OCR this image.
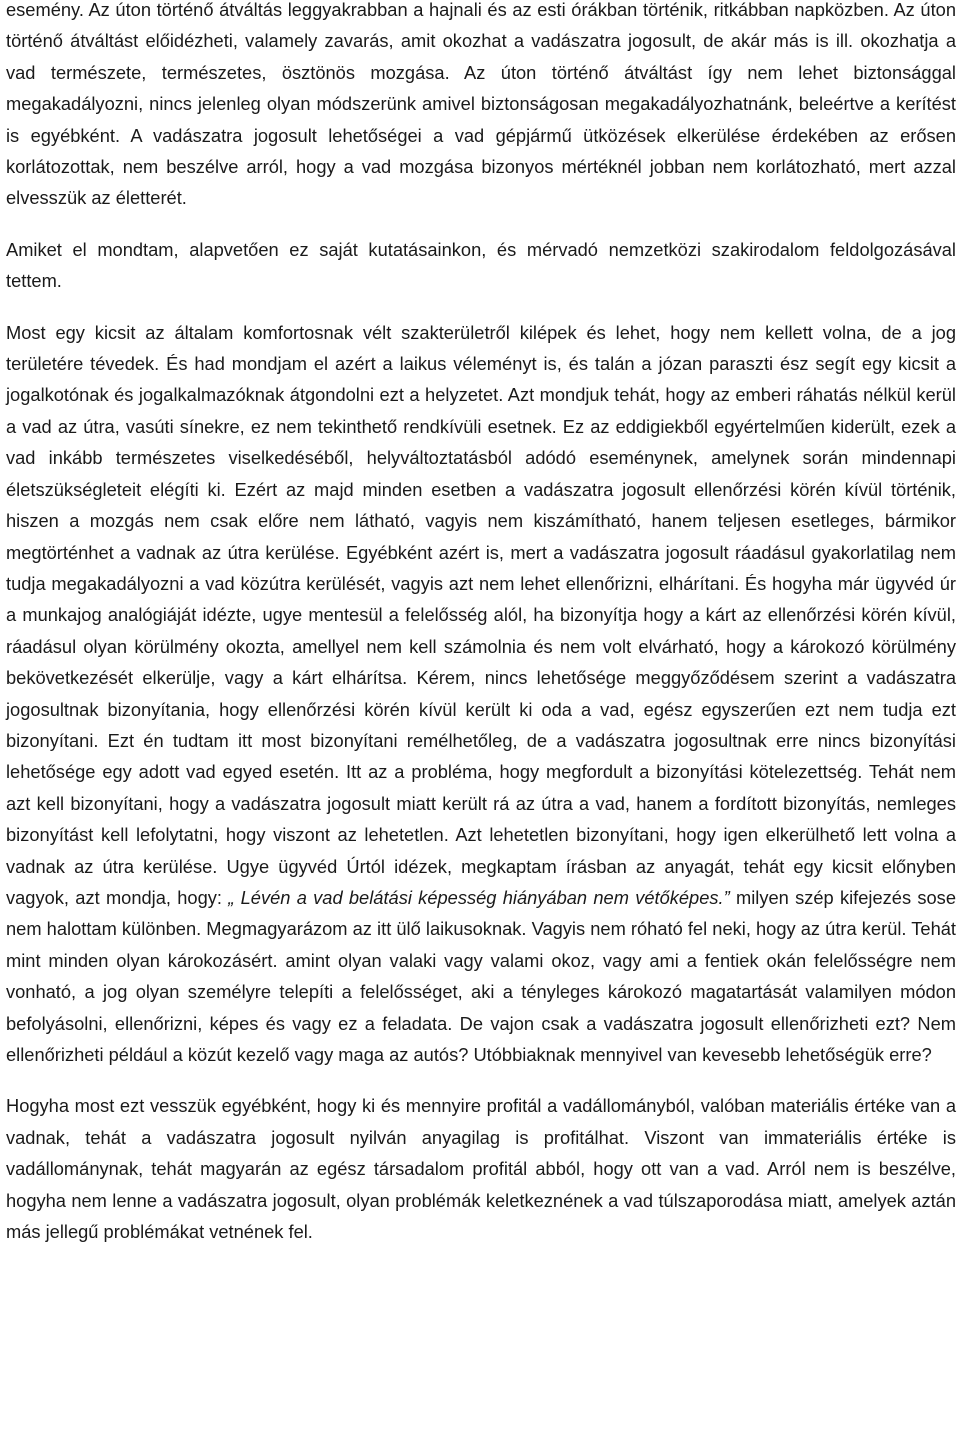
esemény. Az úton történő átváltás leggyakrabban a hajnali és az esti órákban történik, ritkábban napközben. Az úton történő átváltást előidézheti, valamely zavarás, amit okozhat a vadászatra jogosult, de akár más is ill. okozhatja a vad természete, természetes, ösztönös mozgása. Az úton történő átváltást így nem lehet biztonsággal megakadályozni, nincs jelenleg olyan módszerünk amivel biztonságosan megakadályozhatnánk, beleértve a kerítést is egyébként. A vadászatra jogosult lehetőségei a vad gépjármű ütközések elkerülése érdekében az erősen korlátozottak, nem beszélve arról, hogy a vad mozgása bizonyos mértéknél jobban nem korlátozható, mert azzal elvesszük az életterét.

Amiket el mondtam, alapvetően ez saját kutatásainkon, és mérvadó nemzetközi szakirodalom feldolgozásával tettem.

Most egy kicsit az általam komfortosnak vélt szakterületről kilépek és lehet, hogy nem kellett volna, de a jog területére tévedek. És had mondjam el azért a laikus véleményt is, és talán a józan paraszti ész segít egy kicsit a jogalkotónak és jogalkalmazóknak átgondolni ezt a helyzetet. Azt mondjuk tehát, hogy az emberi ráhatás nélkül kerül a vad az útra, vasúti sínekre, ez nem tekinthető rendkívüli esetnek. Ez az eddigiekből egyértelműen kiderült, ezek a vad inkább természetes viselkedéséből, helyváltoztatásból adódó eseménynek, amelynek során mindennapi életszükségleteit elégíti ki. Ezért az majd minden esetben a vadászatra jogosult ellenőrzési körén kívül történik, hiszen a mozgás nem csak előre nem látható, vagyis nem kiszámítható, hanem teljesen esetleges, bármikor megtörténhet a vadnak az útra kerülése. Egyébként azért is, mert a vadászatra jogosult ráadásul gyakorlatilag nem tudja megakadályozni a vad közútra kerülését, vagyis azt nem lehet ellenőrizni, elhárítani. És hogyha már ügyvéd úr a munkajog analógiáját idézte, ugye mentesül a felelősség alól, ha bizonyítja hogy a kárt az ellenőrzési körén kívül, ráadásul olyan körülmény okozta, amellyel nem kell számolnia és nem volt elvárható, hogy a károkozó körülmény bekövetkezését elkerülje, vagy a kárt elhárítsa. Kérem, nincs lehetősége meggyőződésem szerint a vadászatra jogosultnak bizonyítania, hogy ellenőrzési körén kívül került ki oda a vad, egész egyszerűen ezt nem tudja ezt bizonyítani. Ezt én tudtam itt most bizonyítani remélhetőleg, de a vadászatra jogosultnak erre nincs bizonyítási lehetősége egy adott vad egyed esetén. Itt az a probléma, hogy megfordult a bizonyítási kötelezettség. Tehát nem azt kell bizonyítani, hogy a vadászatra jogosult miatt került rá az útra a vad, hanem a fordított bizonyítás, nemleges bizonyítást kell lefolytatni, hogy viszont az lehetetlen. Azt lehetetlen bizonyítani, hogy igen elkerülhető lett volna a vadnak az útra kerülése. Ugye ügyvéd Úrtól idézek, megkaptam írásban az anyagát, tehát egy kicsit előnyben vagyok, azt mondja, hogy: „ Lévén a vad belátási képesség hiányában nem vétőképes.” milyen szép kifejezés sose nem halottam különben. Megmagyarázom az itt ülő laikusoknak. Vagyis nem róható fel neki, hogy az útra kerül. Tehát mint minden olyan károkozásért. amint olyan valaki vagy valami okoz, vagy ami a fentiek okán felelősségre nem vonható, a jog olyan személyre telepíti a felelősséget, aki a tényleges károkozó magatartását valamilyen módon befolyásolni, ellenőrizni, képes és vagy ez a feladata. De vajon csak a vadászatra jogosult ellenőrizheti ezt? Nem ellenőrizheti például a közút kezelő vagy maga az autós? Utóbbiaknak mennyivel van kevesebb lehetőségük erre?

Hogyha most ezt vesszük egyébként, hogy ki és mennyire profitál a vadállományból, valóban materiális értéke van a vadnak, tehát a vadászatra jogosult nyilván anyagilag is profitálhat. Viszont van immateriális értéke is vadállománynak, tehát magyarán az egész társadalom profitál abból, hogy ott van a vad. Arról nem is beszélve, hogyha nem lenne a vadászatra jogosult, olyan problémák keletkeznének a vad túlszaporodása miatt, amelyek aztán más jellegű problémákat vetnének fel.
